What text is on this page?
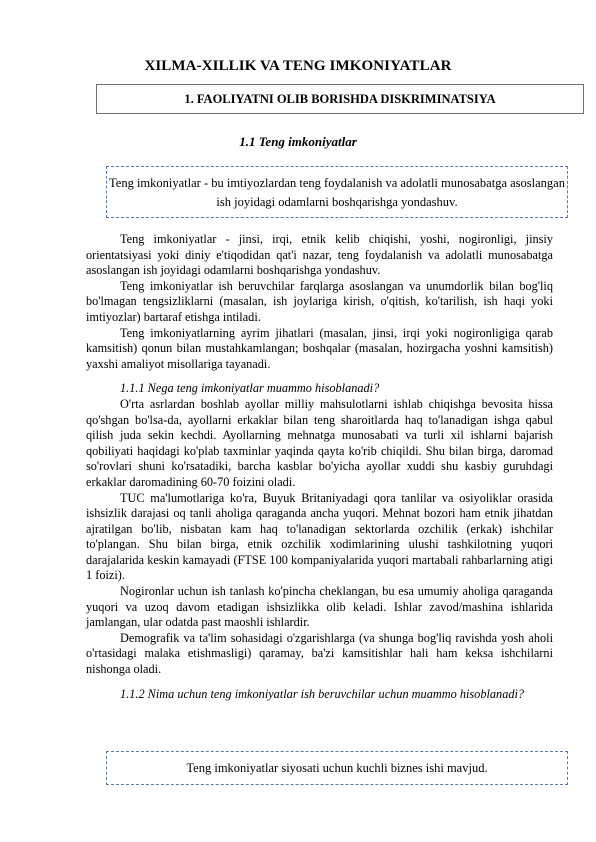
XILMA-XILLIK VA TENG IMKONIYATLAR
1. FAOLIYATNI OLIB BORISHDA DISKRIMINATSIYA
1.1 Teng imkoniyatlar
Teng imkoniyatlar - bu imtiyozlardan teng foydalanish va adolatli munosabatga asoslangan ish joyidagi odamlarni boshqarishga yondashuv.

Teng imkoniyatlar - jinsi, irqi, etnik kelib chiqishi, yoshi, nogironligi, jinsiy orientatsiyasi yoki diniy e'tiqodidan qat'i nazar, teng foydalanish va adolatli munosabatga asoslangan ish joyidagi odamlarni boshqarishga yondashuv.

Teng imkoniyatlar ish beruvchilar farqlarga asoslangan va unumdorlik bilan bog'liq bo'lmagan tengsizliklarni (masalan, ish joylariga kirish, o'qitish, ko'tarilish, ish haqi yoki imtiyozlar) bartaraf etishga intiladi.

Teng imkoniyatlarning ayrim jihatlari (masalan, jinsi, irqi yoki nogironligiga qarab kamsitish) qonun bilan mustahkamlangan; boshqalar (masalan, hozirgacha yoshni kamsitish) yaxshi amaliyot misollariga tayanadi.

1.1.1 Nega teng imkoniyatlar muammo hisoblanadi?

O'rta asrlardan boshlab ayollar milliy mahsulotlarni ishlab chiqishga bevosita hissa qo'shgan bo'lsa-da, ayollarni erkaklar bilan teng sharoitlarda haq to'lanadigan ishga qabul qilish juda sekin kechdi. Ayollarning mehnatga munosabati va turli xil ishlarni bajarish qobiliyati haqidagi ko'plab taxminlar yaqinda qayta ko'rib chiqildi. Shu bilan birga, daromad so'rovlari shuni ko'rsatadiki, barcha kasblar bo'yicha ayollar xuddi shu kasbiy guruhdagi erkaklar daromadining 60-70 foizini oladi.

TUC ma'lumotlariga ko'ra, Buyuk Britaniyadagi qora tanlilar va osiyoliklar orasida ishsizlik darajasi oq tanli aholiga qaraganda ancha yuqori. Mehnat bozori ham etnik jihatdan ajratilgan bo'lib, nisbatan kam haq to'lanadigan sektorlarda ozchilik (erkak) ishchilar to'plangan. Shu bilan birga, etnik ozchilik xodimlarining ulushi tashkilotning yuqori darajalarida keskin kamayadi (FTSE 100 kompaniyalarida yuqori martabali rahbarlarning atigi 1 foizi).

Nogironlar uchun ish tanlash ko'pincha cheklangan, bu esa umumiy aholiga qaraganda yuqori va uzoq davom etadigan ishsizlikka olib keladi. Ishlar zavod/mashina ishlarida jamlangan, ular odatda past maoshli ishlardir.

Demografik va ta'lim sohasidagi o'zgarishlarga (va shunga bog'liq ravishda yosh aholi o'rtasidagi malaka etishmasligi) qaramay, ba'zi kamsitishlar hali ham keksa ishchilarni nishonga oladi.

1.1.2 Nima uchun teng imkoniyatlar ish beruvchilar uchun muammo hisoblanadi?

Teng imkoniyatlar siyosati uchun kuchli biznes ishi mavjud.
